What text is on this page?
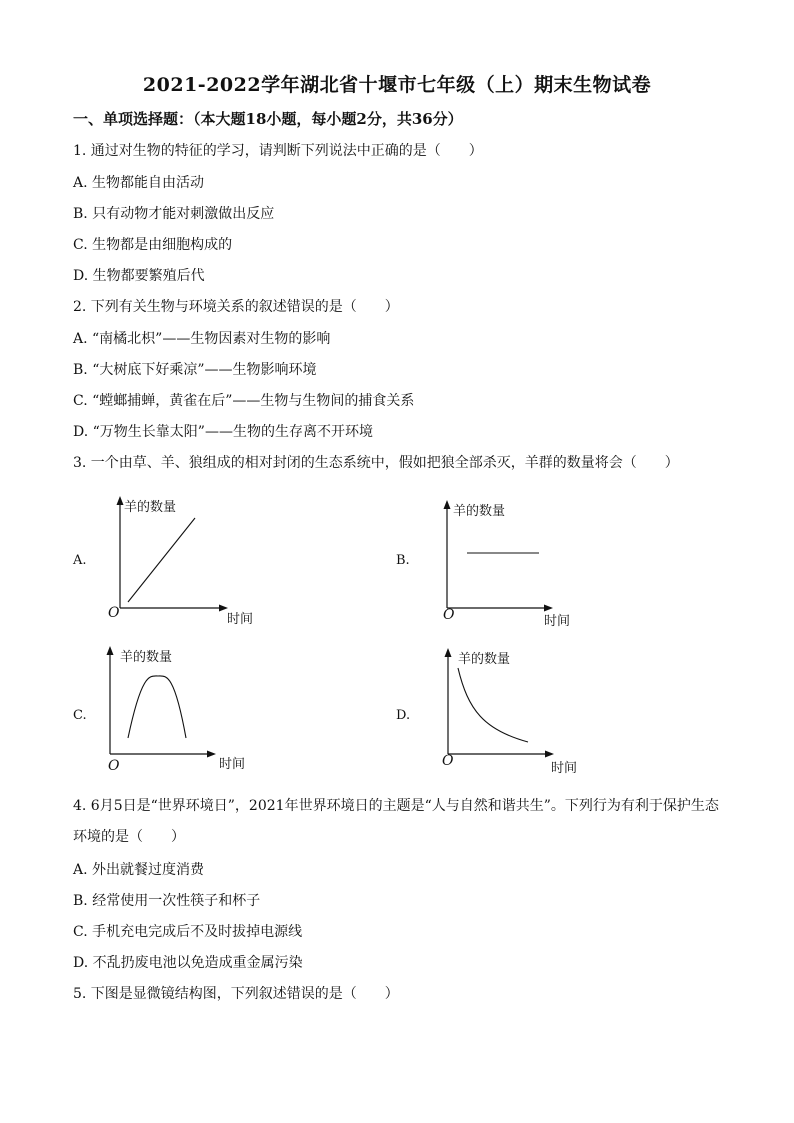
2021-2022学年湖北省十堰市七年级（上）期末生物试卷
一、单项选择题：（本大题18小题，每小题2分，共36分）
1. 通过对生物的特征的学习，请判断下列说法中正确的是（　　）
A. 生物都能自由活动
B. 只有动物才能对刺激做出反应
C. 生物都是由细胞构成的
D. 生物都要繁殖后代
2. 下列有关生物与环境关系的叙述错误的是（　　）
A. “南橘北枳”——生物因素对生物的影响
B. “大树底下好乘凉”——生物影响环境
C. “螳螂捕蝉，黄雀在后”——生物与生物间的捕食关系
D. “万物生长靠太阳”——生物的生存离不开环境
3. 一个由草、羊、狼组成的相对封闭的生态系统中，假如把狼全部杀灭，羊群的数量将会（　　）
A.
羊的数量
时间
O
B.
羊的数量
时间
O
C.
羊的数量
时间
O
D.
羊的数量
时间
O
4. 6月5日是“世界环境日”，2021年世界环境日的主题是“人与自然和谐共生”。下列行为有利于保护生态环境的是（　　）
A. 外出就餐过度消费
B. 经常使用一次性筷子和杯子
C. 手机充电完成后不及时拔掉电源线
D. 不乱扔废电池以免造成重金属污染
5. 下图是显微镜结构图，下列叙述错误的是（　　）
